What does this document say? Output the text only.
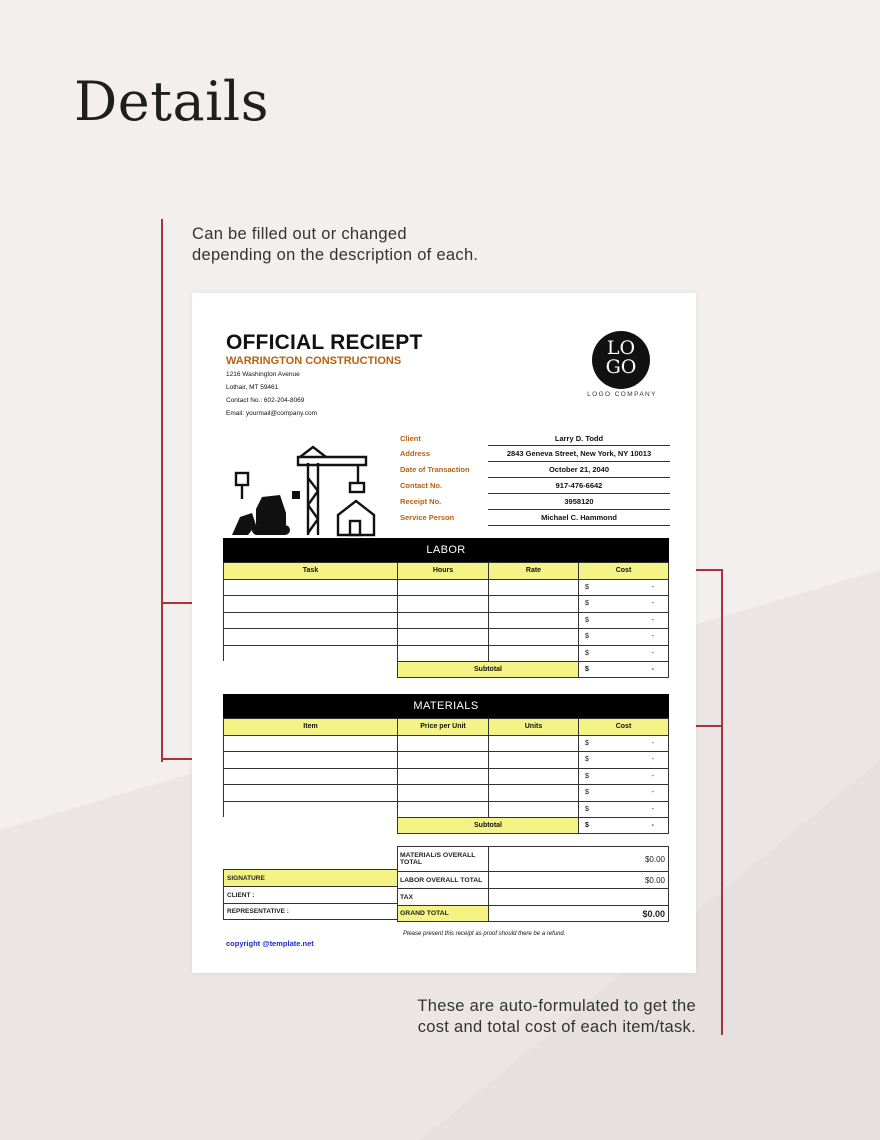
Details
Can be filled out or changed
depending on the description of each.
These are auto-formulated to get the
cost and total cost of each item/task.
OFFICIAL RECIEPT
WARRINGTON CONSTRUCTIONS
1216 Washington Avenue
Lothair, MT 59461
Contact No.: 602-204-8069
Email: yourmail@company.com
LO
GO
LOGO COMPANY
Client	Larry D. Todd
Address	2843 Geneva Street, New York, NY 10013
Date of Transaction	October 21, 2040
Contact No.	917-476-6642
Receipt No.	3958120
Service Person	Michael C. Hammond
LABOR
Task	Hours	Rate	Cost
$	-
$	-
$	-
$	-
$	-
Subtotal	$	-
MATERIALS
Item	Price per Unit	Units	Cost
$	-
$	-
$	-
$	-
$	-
Subtotal	$	-
MATERIAL/S OVERALL TOTAL	$0.00
LABOR OVERALL TOTAL	$0.00
TAX
GRAND TOTAL	$0.00
SIGNATURE
CLIENT :
REPRESENTATIVE :
Please present this receipt as proof should there be a refund.
copyright @template.net
